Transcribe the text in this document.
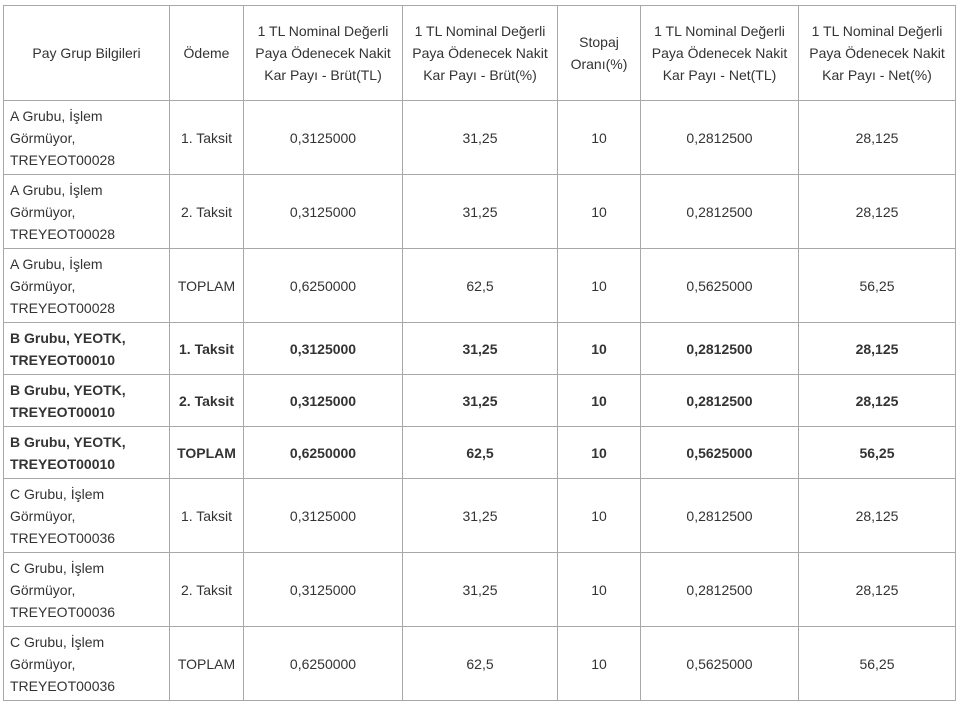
Pay Grup Bilgileri	Ödeme	1 TL Nominal Değerli Paya Ödenecek Nakit Kar Payı - Brüt(TL)	1 TL Nominal Değerli Paya Ödenecek Nakit Kar Payı - Brüt(%)	Stopaj Oranı(%)	1 TL Nominal Değerli Paya Ödenecek Nakit Kar Payı - Net(TL)	1 TL Nominal Değerli Paya Ödenecek Nakit Kar Payı - Net(%)
A Grubu, İşlem Görmüyor, TREYEOT00028	1. Taksit	0,3125000	31,25	10	0,2812500	28,125
A Grubu, İşlem Görmüyor, TREYEOT00028	2. Taksit	0,3125000	31,25	10	0,2812500	28,125
A Grubu, İşlem Görmüyor, TREYEOT00028	TOPLAM	0,6250000	62,5	10	0,5625000	56,25
B Grubu, YEOTK, TREYEOT00010	1. Taksit	0,3125000	31,25	10	0,2812500	28,125
B Grubu, YEOTK, TREYEOT00010	2. Taksit	0,3125000	31,25	10	0,2812500	28,125
B Grubu, YEOTK, TREYEOT00010	TOPLAM	0,6250000	62,5	10	0,5625000	56,25
C Grubu, İşlem Görmüyor, TREYEOT00036	1. Taksit	0,3125000	31,25	10	0,2812500	28,125
C Grubu, İşlem Görmüyor, TREYEOT00036	2. Taksit	0,3125000	31,25	10	0,2812500	28,125
C Grubu, İşlem Görmüyor, TREYEOT00036	TOPLAM	0,6250000	62,5	10	0,5625000	56,25
